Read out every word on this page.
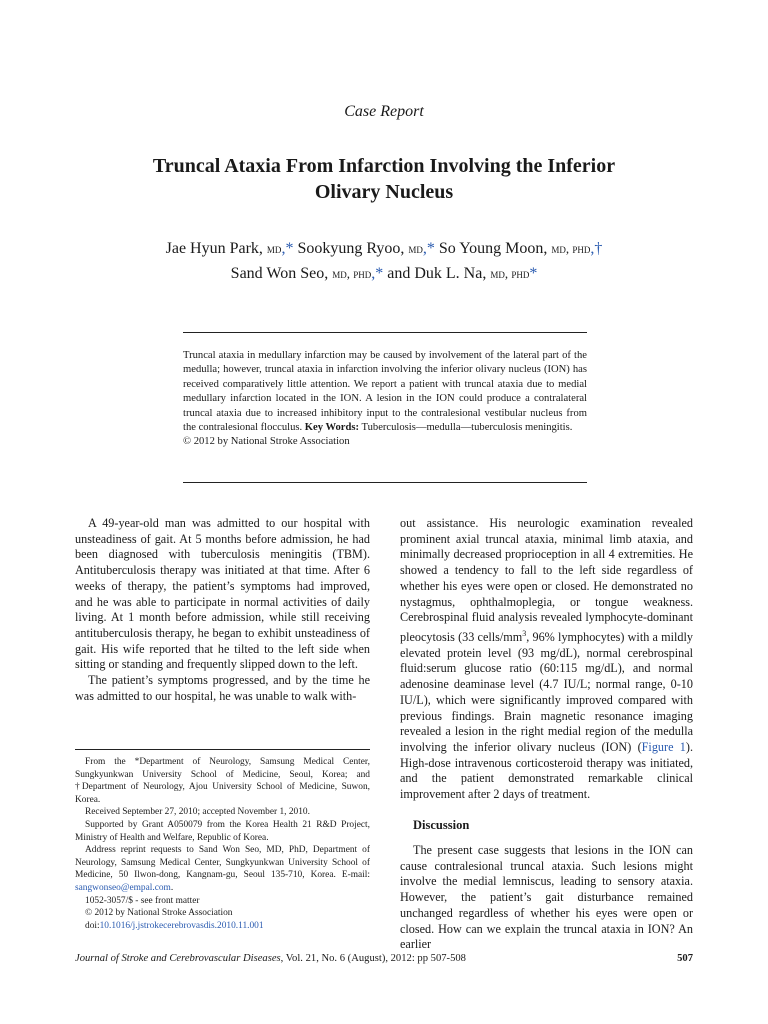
Case Report
Truncal Ataxia From Infarction Involving the Inferior
Olivary Nucleus
Jae Hyun Park, md,* Sookyung Ryoo, md,* So Young Moon, md, phd,†
Sand Won Seo, md, phd,* and Duk L. Na, md, phd*

Truncal ataxia in medullary infarction may be caused by involvement of the lateral part of the medulla; however, truncal ataxia in infarction involving the inferior olivary nucleus (ION) has received comparatively little attention. We report a patient with truncal ataxia due to medial medullary infarction located in the ION. A lesion in the ION could produce a contralateral truncal ataxia due to increased inhibitory input to the contralesional vestibular nucleus from the contralesional flocculus. Key Words: Tuberculosis—medulla—tuberculosis meningitis.

© 2012 by National Stroke Association

A 49-year-old man was admitted to our hospital with unsteadiness of gait. At 5 months before admission, he had been diagnosed with tuberculosis meningitis (TBM). Antituberculosis therapy was initiated at that time. After 6 weeks of therapy, the patient’s symptoms had improved, and he was able to participate in normal activities of daily living. At 1 month before admission, while still receiving antituberculosis therapy, he began to exhibit unsteadiness of gait. His wife reported that he tilted to the left side when sitting or standing and frequently slipped down to the left.

The patient’s symptoms progressed, and by the time he was admitted to our hospital, he was unable to walk with-

From the *Department of Neurology, Samsung Medical Center, Sungkyunkwan University School of Medicine, Seoul, Korea; and †Department of Neurology, Ajou University School of Medicine, Suwon, Korea.

Received September 27, 2010; accepted November 1, 2010.

Supported by Grant A050079 from the Korea Health 21 R&D Project, Ministry of Health and Welfare, Republic of Korea.

Address reprint requests to Sand Won Seo, MD, PhD, Department of Neurology, Samsung Medical Center, Sungkyunkwan University School of Medicine, 50 Ilwon-dong, Kangnam-gu, Seoul 135-710, Korea. E-mail: sangwonseo@empal.com.

1052-3057/$ - see front matter

© 2012 by National Stroke Association

doi:10.1016/j.jstrokecerebrovasdis.2010.11.001

out assistance. His neurologic examination revealed prominent axial truncal ataxia, minimal limb ataxia, and minimally decreased proprioception in all 4 extremities. He showed a tendency to fall to the left side regardless of whether his eyes were open or closed. He demonstrated no nystagmus, ophthalmoplegia, or tongue weakness. Cerebrospinal fluid analysis revealed lymphocyte-dominant pleocytosis (33 cells/$mm^3$, 96% lymphocytes) with a mildly elevated protein level (93 mg/dL), normal cerebrospinal fluid:serum glucose ratio (60:115 mg/dL), and normal adenosine deaminase level (4.7 IU/L; normal range, 0-10 IU/L), which were significantly improved compared with previous findings. Brain magnetic resonance imaging revealed a lesion in the right medial region of the medulla involving the inferior olivary nucleus (ION) (Figure 1). High-dose intravenous corticosteroid therapy was initiated, and the patient demonstrated remarkable clinical improvement after 2 days of treatment.

Discussion

The present case suggests that lesions in the ION can cause contralesional truncal ataxia. Such lesions might involve the medial lemniscus, leading to sensory ataxia. However, the patient’s gait disturbance remained unchanged regardless of whether his eyes were open or closed. How can we explain the truncal ataxia in ION? An earlier

Journal of Stroke and Cerebrovascular Diseases, Vol. 21, No. 6 (August), 2012: pp 507-508	507
